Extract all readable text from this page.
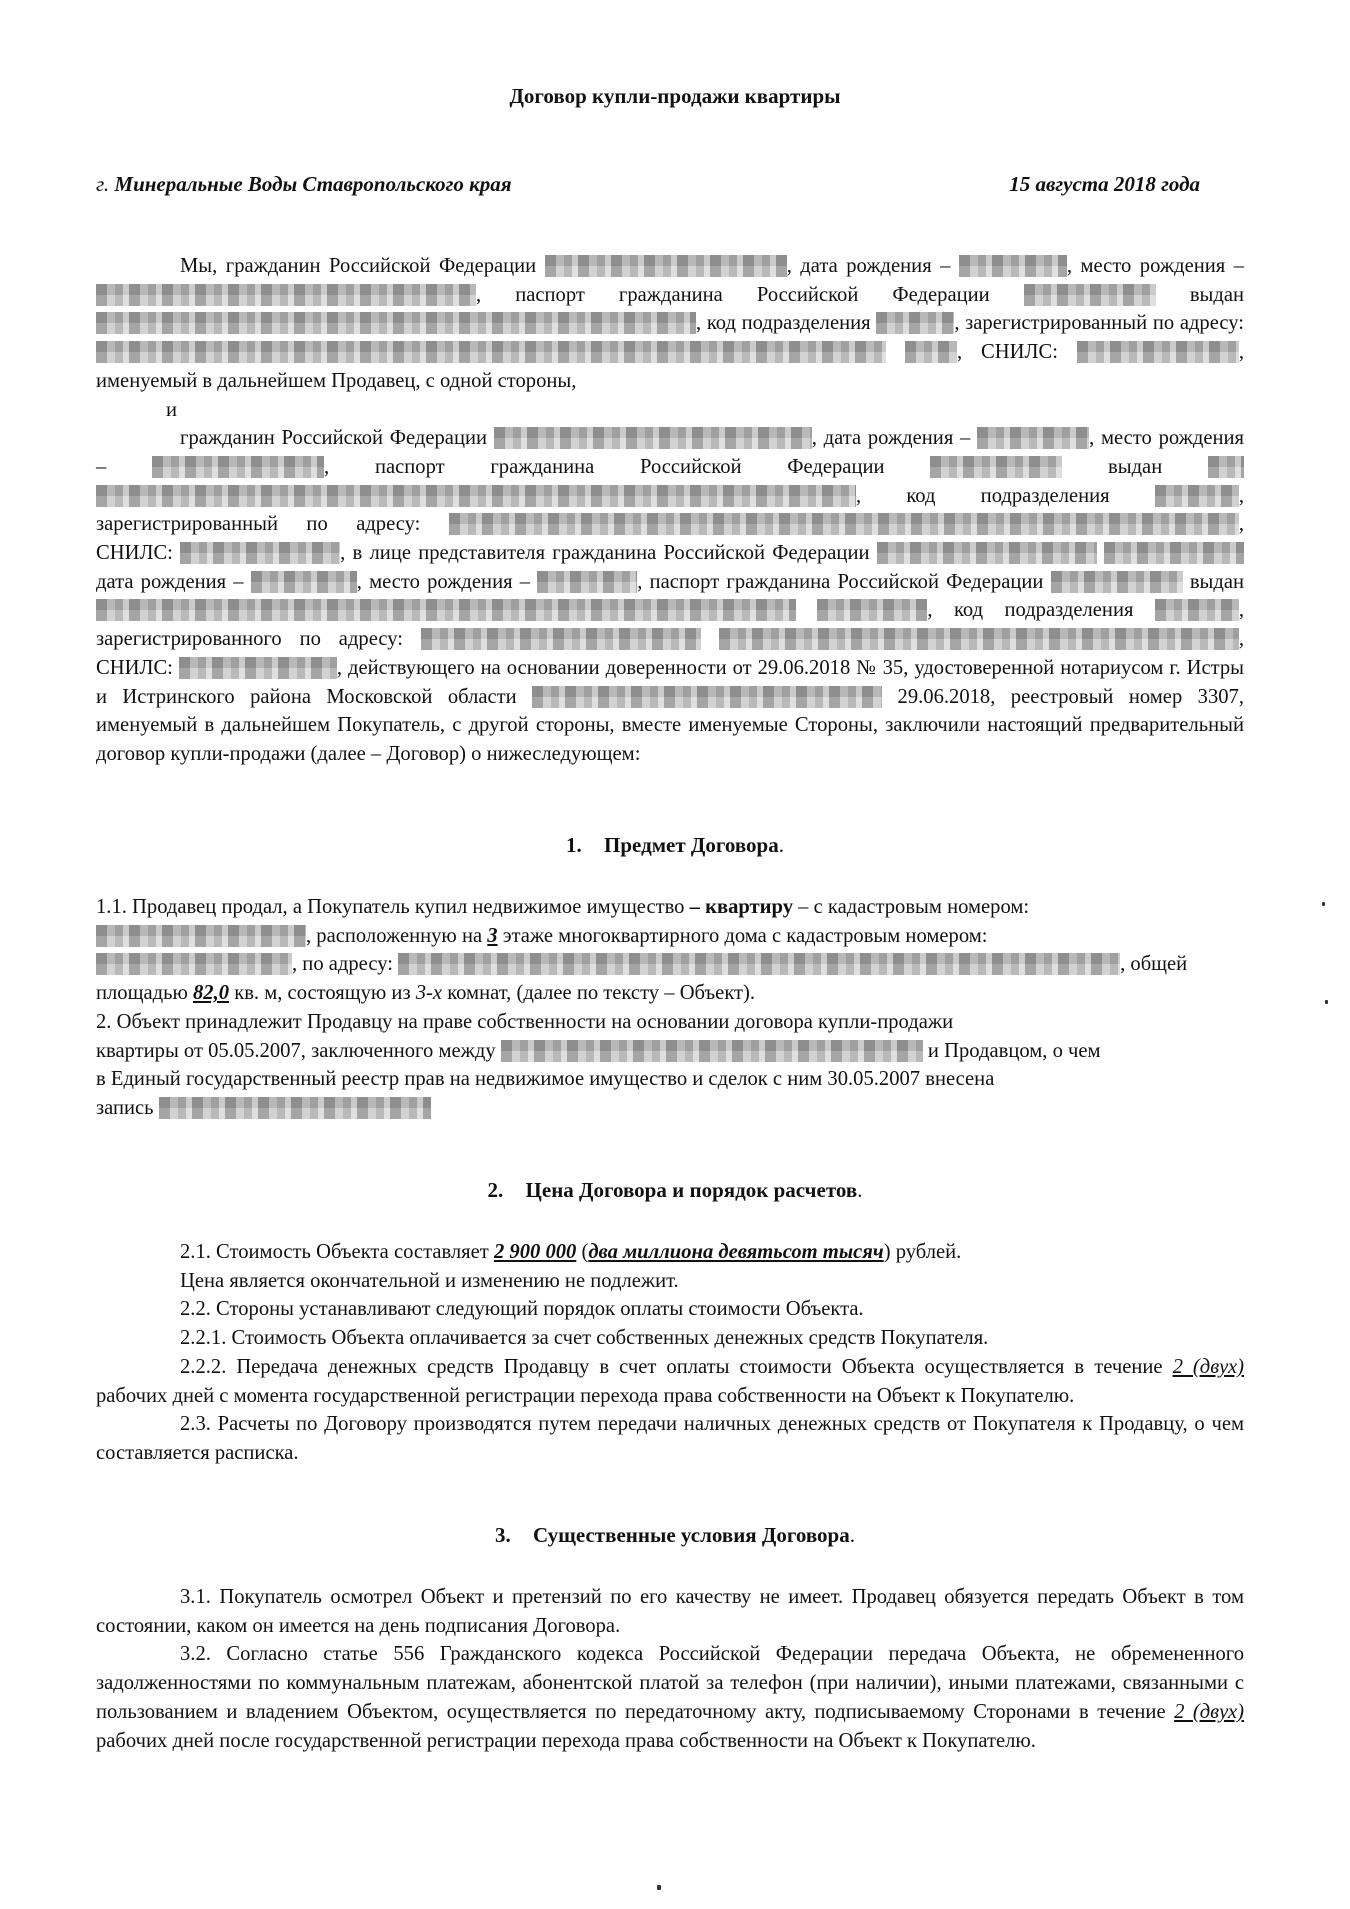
Договор купли-продажи квартиры
г. Минеральные Воды Ставропольского края	15 августа 2018 года

Мы, гражданин Российской Федерации	, дата рождения –	, место рождения – , паспорт гражданина Российской Федерации	выдан , код подразделения	, зарегистрированный по адресу:  , СНИЛС:	, именуемый в дальнейшем Продавец, с одной стороны,

и

гражданин Российской Федерации	, дата рождения –	, место рождения –	, паспорт гражданина Российской Федерации	выдан  , код подразделения	, зарегистрированный по адресу:	, СНИЛС:	, в лице представителя гражданина Российской Федерации   дата рождения –	, место рождения –	, паспорт гражданина Российской Федерации	выдан  , код подразделения	, зарегистрированного по адресу:	, СНИЛС:	, действующего на основании доверенности от 29.06.2018 № 35, удостоверенной нотариусом г. Истры и Истринского района Московской области	29.06.2018, реестровый номер 3307, именуемый в дальнейшем Покупатель, с другой стороны, вместе именуемые Стороны, заключили настоящий предварительный договор купли-продажи (далее – Договор) о нижеследующем:

1. Предмет Договора.

1.1. Продавец продал, а Покупатель купил недвижимое имущество – квартиру – с кадастровым номером:
, расположенную на 3 этаже многоквартирного дома с кадастровым номером:
, по адресу:	, общей
площадью 82,0 кв. м, состоящую из 3-х комнат, (далее по тексту – Объект).

2. Объект принадлежит Продавцу на праве собственности на основании договора купли-продажи
квартиры от 05.05.2007, заключенного между	и Продавцом, о чем
в Единый государственный реестр прав на недвижимое имущество и сделок с ним 30.05.2007 внесена
запись

2. Цена Договора и порядок расчетов.

2.1. Стоимость Объекта составляет 2 900 000 (два миллиона девятьсот тысяч) рублей.
Цена является окончательной и изменению не подлежит.

2.2. Стороны устанавливают следующий порядок оплаты стоимости Объекта.

2.2.1. Стоимость Объекта оплачивается за счет собственных денежных средств Покупателя.

2.2.2. Передача денежных средств Продавцу в счет оплаты стоимости Объекта осуществляется в течение 2 (двух) рабочих дней с момента государственной регистрации перехода права собственности на Объект к Покупателю.

2.3. Расчеты по Договору производятся путем передачи наличных денежных средств от Покупателя к Продавцу, о чем составляется расписка.

3. Существенные условия Договора.

3.1. Покупатель осмотрел Объект и претензий по его качеству не имеет. Продавец обязуется передать Объект в том состоянии, каком он имеется на день подписания Договора.

3.2. Согласно статье 556 Гражданского кодекса Российской Федерации передача Объекта, не обремененного задолженностями по коммунальным платежам, абонентской платой за телефон (при наличии), иными платежами, связанными с пользованием и владением Объектом, осуществляется по передаточному акту, подписываемому Сторонами в течение 2 (двух) рабочих дней после государственной регистрации перехода права собственности на Объект к Покупателю.
